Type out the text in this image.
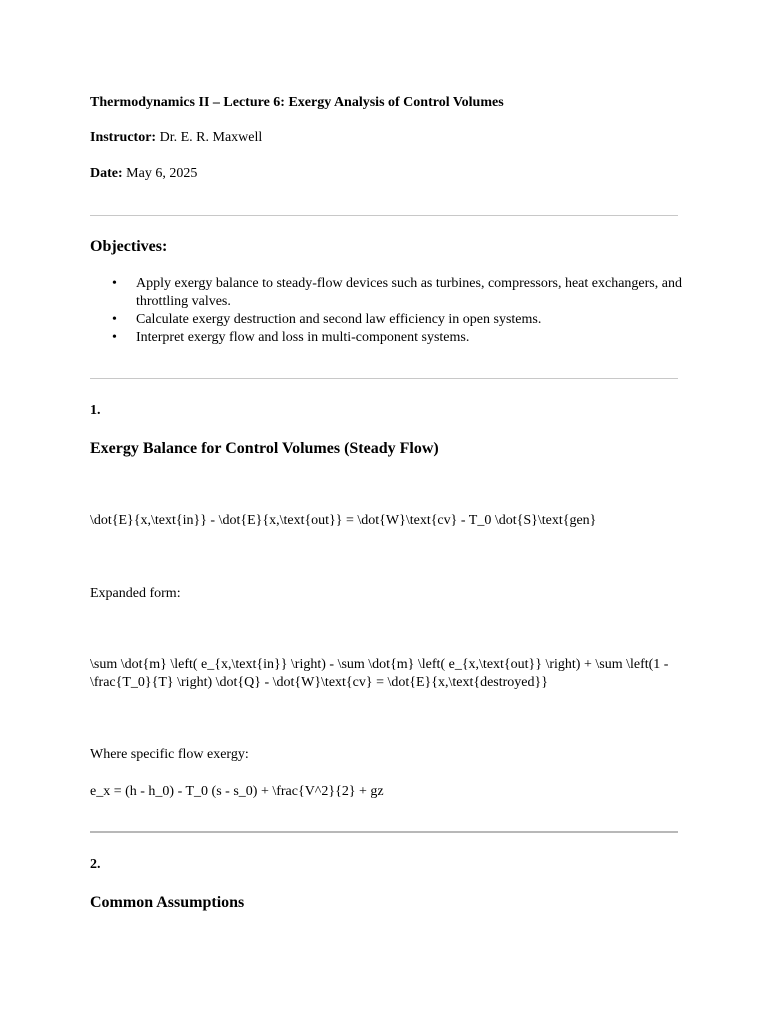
Thermodynamics II – Lecture 6: Exergy Analysis of Control Volumes

Instructor: Dr. E. R. Maxwell

Date: May 6, 2025

Objectives:

• Apply exergy balance to steady-flow devices such as turbines, compressors, heat exchangers, and throttling valves.
• Calculate exergy destruction and second law efficiency in open systems.
• Interpret exergy flow and loss in multi-component systems.

1.

Exergy Balance for Control Volumes (Steady Flow)

\dot{E}{x,\text{in}} - \dot{E}{x,\text{out}} = \dot{W}\text{cv} - T_0 \dot{S}\text{gen}

Expanded form:

\sum \dot{m} \left( e_{x,\text{in}} \right) - \sum \dot{m} \left( e_{x,\text{out}} \right) + \sum \left(1 - \frac{T_0}{T} \right) \dot{Q} - \dot{W}\text{cv} = \dot{E}{x,\text{destroyed}}

Where specific flow exergy:

e_x = (h - h_0) - T_0 (s - s_0) + \frac{V^2}{2} + gz

2.

Common Assumptions
